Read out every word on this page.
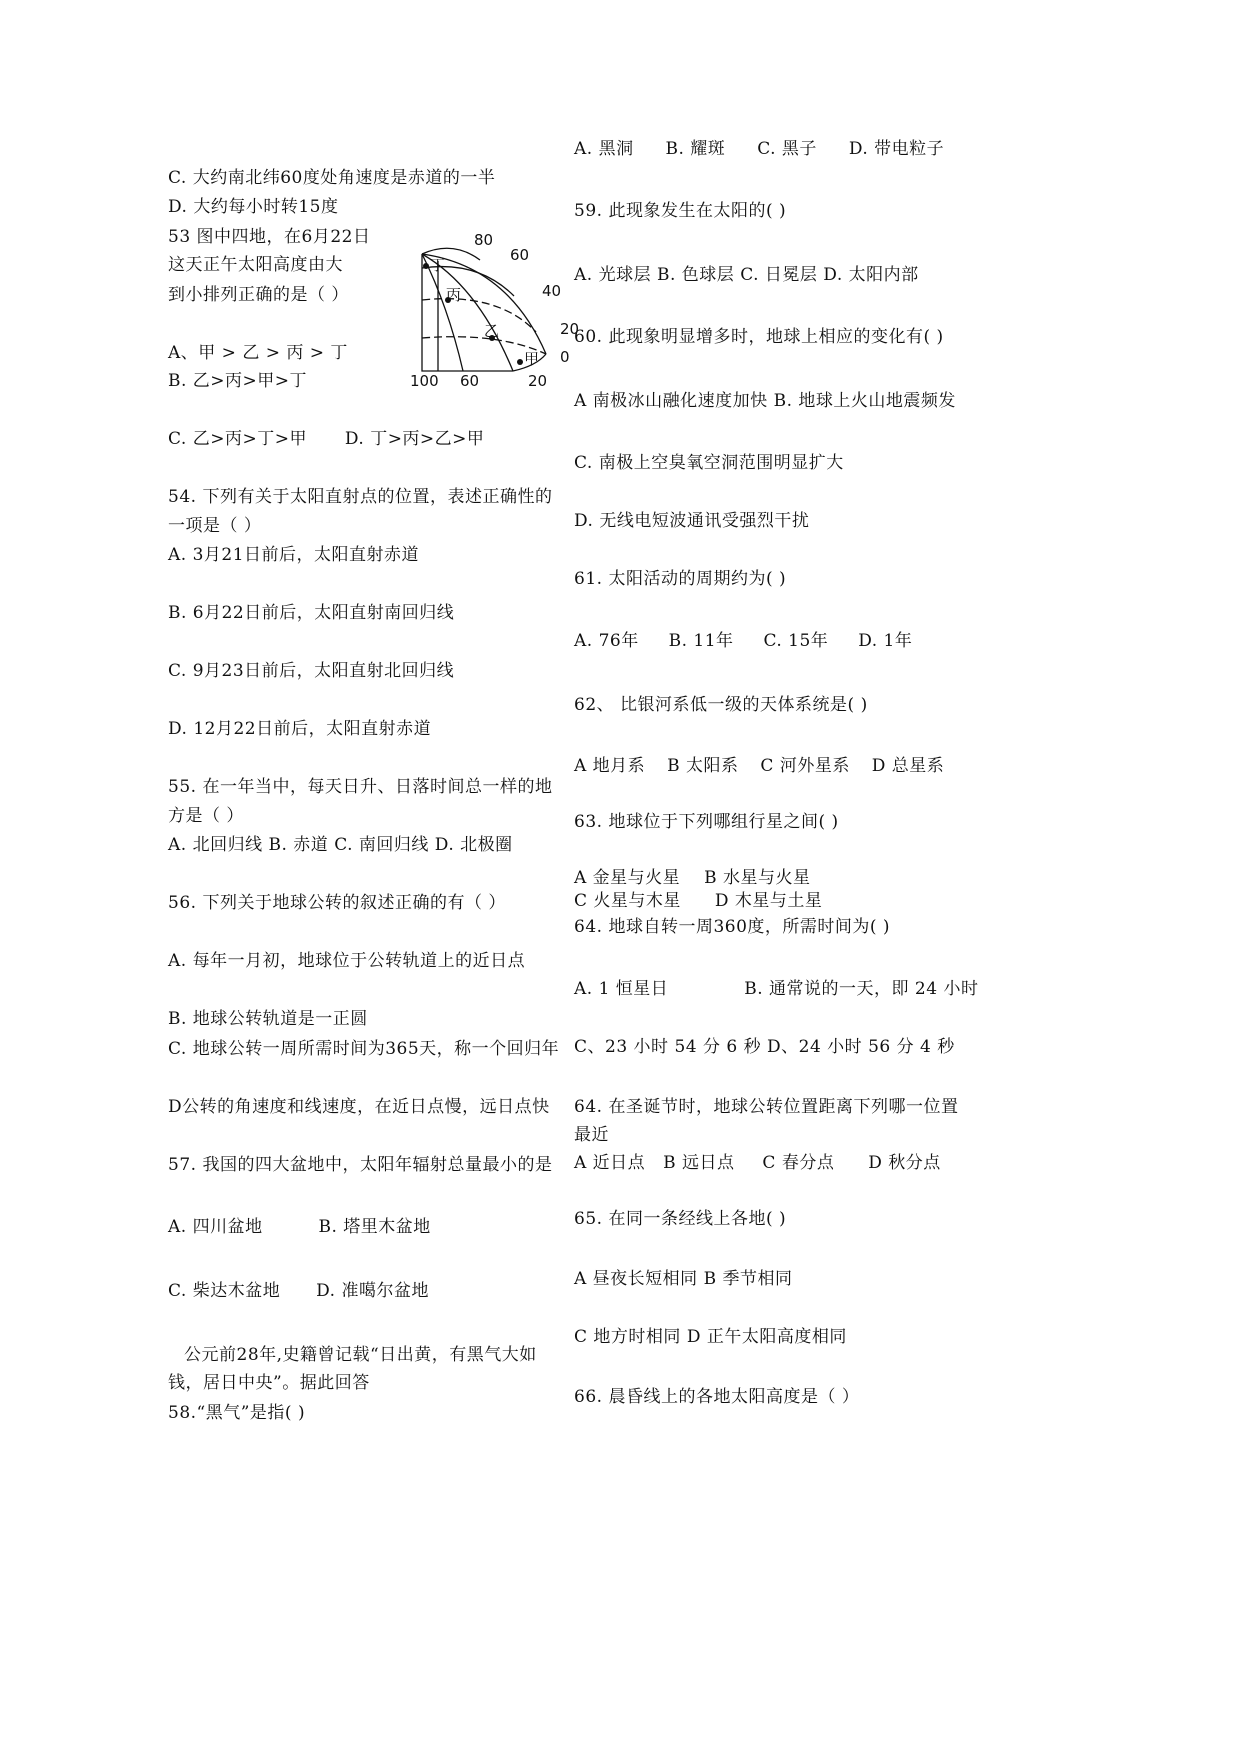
C. 大约南北纬60度处角速度是赤道的一半
D. 大约每小时转15度
53 图中四地，在6月22日
这天正午太阳高度由大
到小排列正确的是（ ）
A、甲 > 乙 > 丙 > 丁
B. 乙>丙>甲>丁
C. 乙>丙>丁>甲 D. 丁>丙>乙>甲
54. 下列有关于太阳直射点的位置，表述正确性的
一项是（ ）
A. 3月21日前后，太阳直射赤道
B. 6月22日前后，太阳直射南回归线
C. 9月23日前后，太阳直射北回归线
D. 12月22日前后，太阳直射赤道
55. 在一年当中，每天日升、日落时间总一样的地
方是（ ）
A. 北回归线 B. 赤道 C. 南回归线 D. 北极圈
56. 下列关于地球公转的叙述正确的有（ ）
A. 每年一月初，地球位于公转轨道上的近日点
B. 地球公转轨道是一正圆
C. 地球公转一周所需时间为365天，称一个回归年
D公转的角速度和线速度，在近日点慢，远日点快
57. 我国的四大盆地中，太阳年辐射总量最小的是
A. 四川盆地	B. 塔里木盆地
C. 柴达木盆地 D. 准噶尔盆地
公元前28年,史籍曾记载“日出黄，有黑气大如
钱，居日中央”。据此回答
58.“黑气”是指( )
80
60
40
20
0
100 60	20
丁
丙
乙
甲
A. 黑洞 B. 耀斑 C. 黑子 D. 带电粒子
59. 此现象发生在太阳的( )
A. 光球层 B. 色球层 C. 日冕层 D. 太阳内部
60. 此现象明显增多时，地球上相应的变化有( )
A 南极冰山融化速度加快 B. 地球上火山地震频发
C. 南极上空臭氧空洞范围明显扩大
D. 无线电短波通讯受强烈干扰
61. 太阳活动的周期约为( )
A. 76年 B. 11年 C. 15年 D. 1年
62、 比银河系低一级的天体系统是( )
A 地月系 B 太阳系 C 河外星系 D 总星系
63. 地球位于下列哪组行星之间( )
A 金星与火星 B 水星与火星
C 火星与木星 D 木星与土星
64. 地球自转一周360度，所需时间为( )
A. 1 恒星日	B. 通常说的一天，即 24 小时
C、23 小时 54 分 6 秒 D、24 小时 56 分 4 秒
64. 在圣诞节时，地球公转位置距离下列哪一位置
最近
A 近日点 B 远日点 C 春分点 D 秋分点
65. 在同一条经线上各地( )
A 昼夜长短相同 B 季节相同
C 地方时相同 D 正午太阳高度相同
66. 晨昏线上的各地太阳高度是（ ）
